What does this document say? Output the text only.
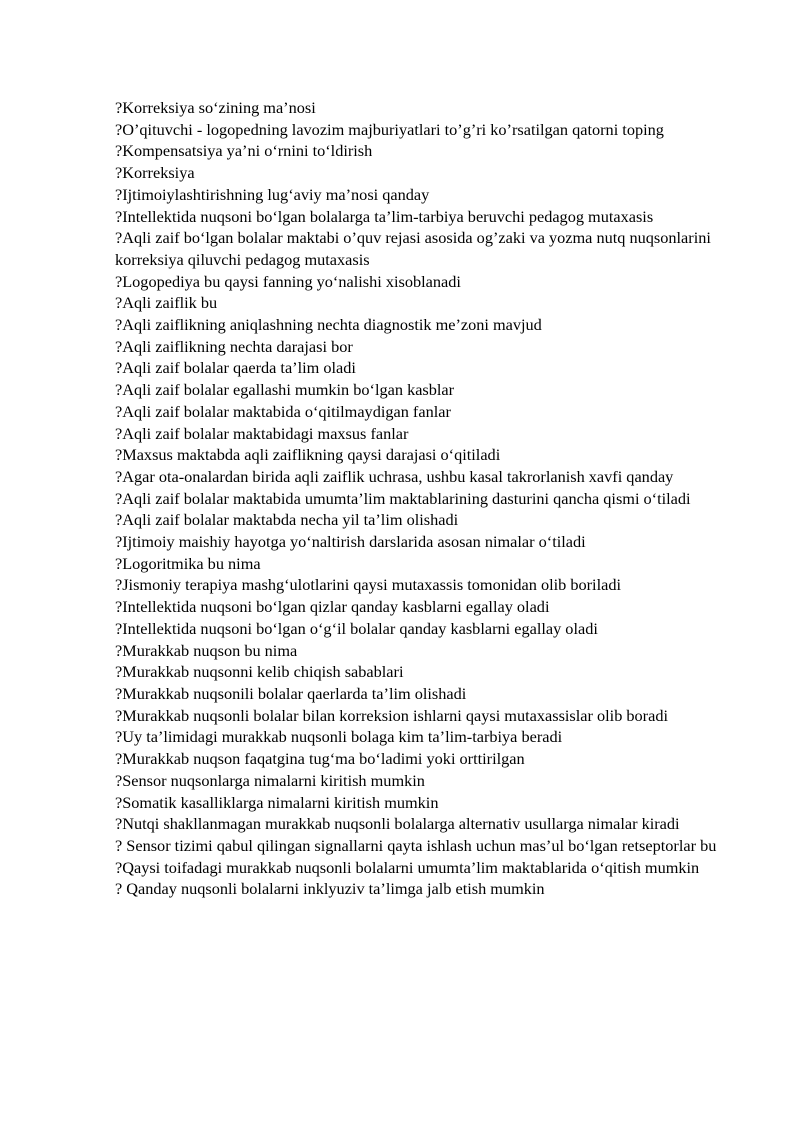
?Korreksiya so‘zining ma’nosi

?O’qituvchi - logopedning lavozim majburiyatlari to’g’ri ko’rsatilgan qatorni toping

?Kompensatsiya ya’ni o‘rnini to‘ldirish

?Korreksiya

?Ijtimoiylashtirishning lug‘aviy ma’nosi qanday

?Intellektida nuqsoni bo‘lgan bolalarga ta’lim-tarbiya beruvchi pedagog mutaxasis

?Aqli zaif bo‘lgan bolalar maktabi o’quv rejasi asosida og’zaki va yozma nutq nuqsonlarini korreksiya qiluvchi pedagog mutaxasis

?Logopediya bu qaysi fanning yo‘nalishi xisoblanadi

?Aqli zaiflik bu

?Aqli zaiflikning aniqlashning nechta diagnostik me’zoni mavjud

?Aqli zaiflikning nechta darajasi bor

?Aqli zaif bolalar qaerda ta’lim oladi

?Aqli zaif bolalar egallashi mumkin bo‘lgan kasblar

?Aqli zaif bolalar maktabida o‘qitilmaydigan fanlar

?Aqli zaif bolalar maktabidagi maxsus fanlar

?Maxsus maktabda aqli zaiflikning qaysi darajasi o‘qitiladi

?Agar ota-onalardan birida aqli zaiflik uchrasa, ushbu kasal takrorlanish xavfi qanday

?Aqli zaif bolalar maktabida umumta’lim maktablarining dasturini qancha qismi o‘tiladi

?Aqli zaif bolalar maktabda necha yil ta’lim olishadi

?Ijtimoiy maishiy hayotga yo‘naltirish darslarida asosan nimalar o‘tiladi

?Logoritmika bu nima

?Jismoniy terapiya mashg‘ulotlarini qaysi mutaxassis tomonidan olib boriladi

?Intellektida nuqsoni bo‘lgan qizlar qanday kasblarni egallay oladi

?Intellektida nuqsoni bo‘lgan o‘g‘il bolalar qanday kasblarni egallay oladi

?Murakkab nuqson bu nima

?Murakkab nuqsonni kelib chiqish sabablari

?Murakkab nuqsonili bolalar qaerlarda ta’lim olishadi

?Murakkab nuqsonli bolalar bilan korreksion ishlarni qaysi mutaxassislar olib boradi

?Uy ta’limidagi murakkab nuqsonli bolaga kim ta’lim-tarbiya beradi

?Murakkab nuqson faqatgina tug‘ma bo‘ladimi yoki orttirilgan

?Sensor nuqsonlarga nimalarni kiritish mumkin

?Somatik kasalliklarga nimalarni kiritish mumkin

?Nutqi shakllanmagan murakkab nuqsonli bolalarga alternativ usullarga nimalar kiradi

? Sensor tizimi qabul qilingan signallarni qayta ishlash uchun mas’ul bo‘lgan retseptorlar bu

?Qaysi toifadagi murakkab nuqsonli bolalarni umumta’lim maktablarida o‘qitish mumkin

? Qanday nuqsonli bolalarni inklyuziv ta’limga jalb etish mumkin
